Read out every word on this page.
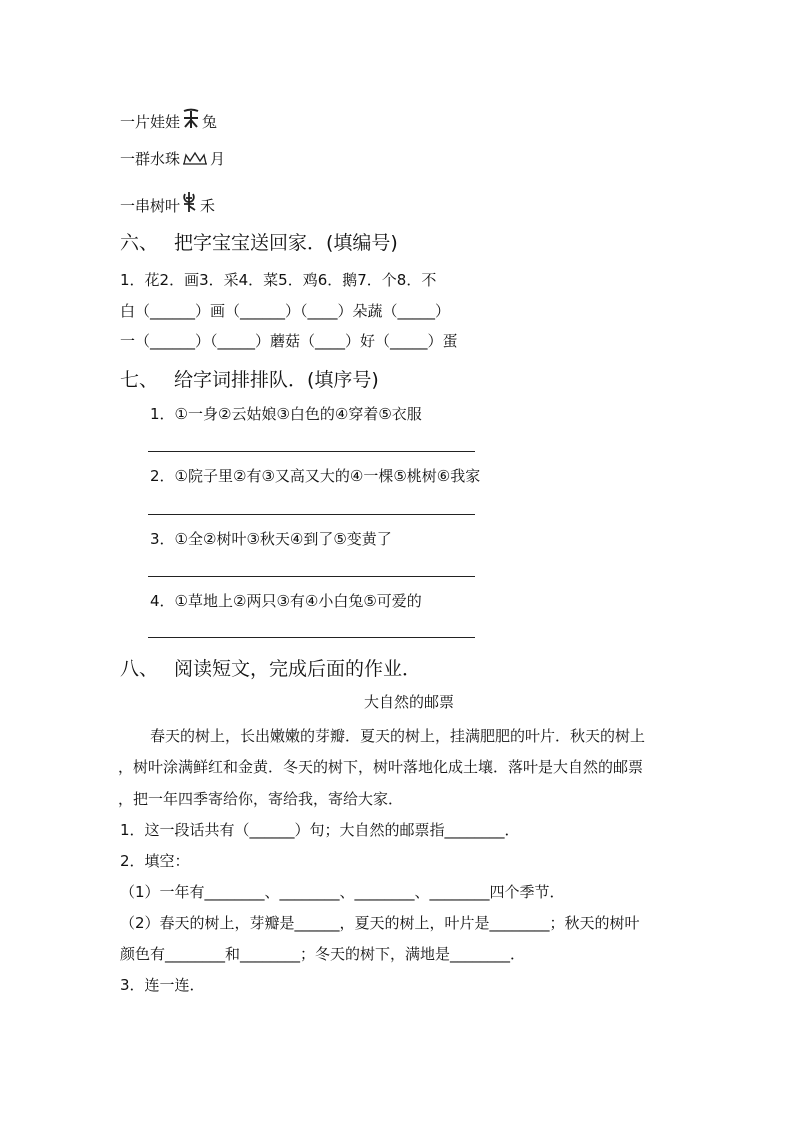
一片娃娃 兔
一群水珠 月
一串树叶 禾
六、 把字宝宝送回家．(填编号)
1．花2．画3．采4．菜5．鸡6．鹅7．个8．不
白（______）画（______）（____）朵蔬（_____）
一（______）（_____）蘑菇（____）好（_____）蛋
七、 给字词排排队．(填序号)
1．①一身②云姑娘③白色的④穿着⑤衣服
2．①院子里②有③又高又大的④一棵⑤桃树⑥我家
3．①全②树叶③秋天④到了⑤变黄了
4．①草地上②两只③有④小白兔⑤可爱的
八、 阅读短文，完成后面的作业．
大自然的邮票
春天的树上，长出嫩嫩的芽瓣．夏天的树上，挂满肥肥的叶片．秋天的树上
，树叶涂满鲜红和金黄．冬天的树下，树叶落地化成土壤．落叶是大自然的邮票
，把一年四季寄给你，寄给我，寄给大家．
1．这一段话共有（______）句；大自然的邮票指________．
2．填空：
（1）一年有________、________、________、________四个季节．
（2）春天的树上，芽瓣是______，夏天的树上，叶片是________；秋天的树叶
颜色有________和________；冬天的树下，满地是________．
3．连一连．
